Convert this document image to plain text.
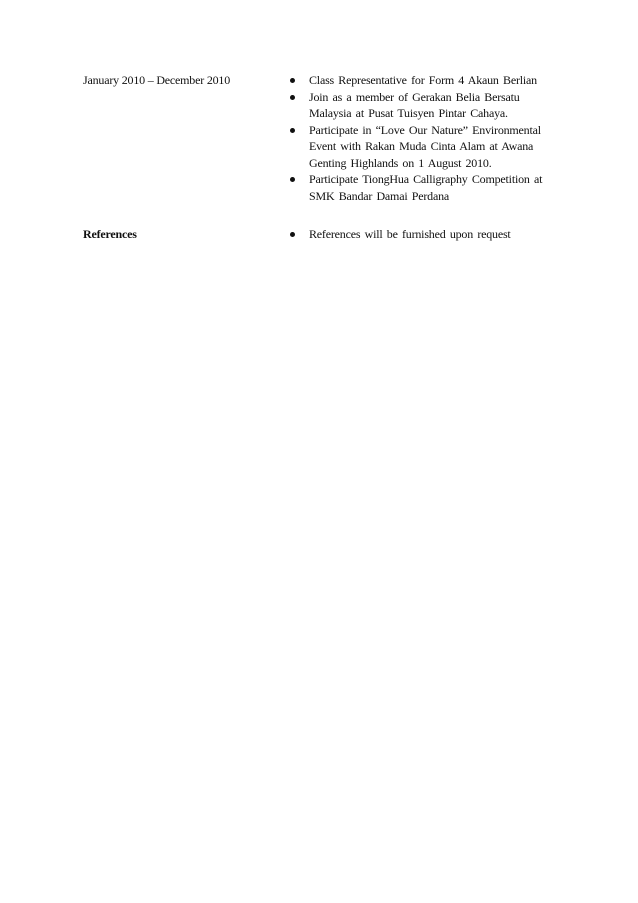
January 2010 – December 2010	Class Representative for Form 4 Akaun Berlian
Join as a member of Gerakan Belia Bersatu Malaysia at Pusat Tuisyen Pintar Cahaya.
Participate in “Love Our Nature” Environmental Event with Rakan Muda Cinta Alam at Awana Genting Highlands on 1 August 2010.
Participate TiongHua Calligraphy Competition at SMK Bandar Damai Perdana
References	References will be furnished upon request
